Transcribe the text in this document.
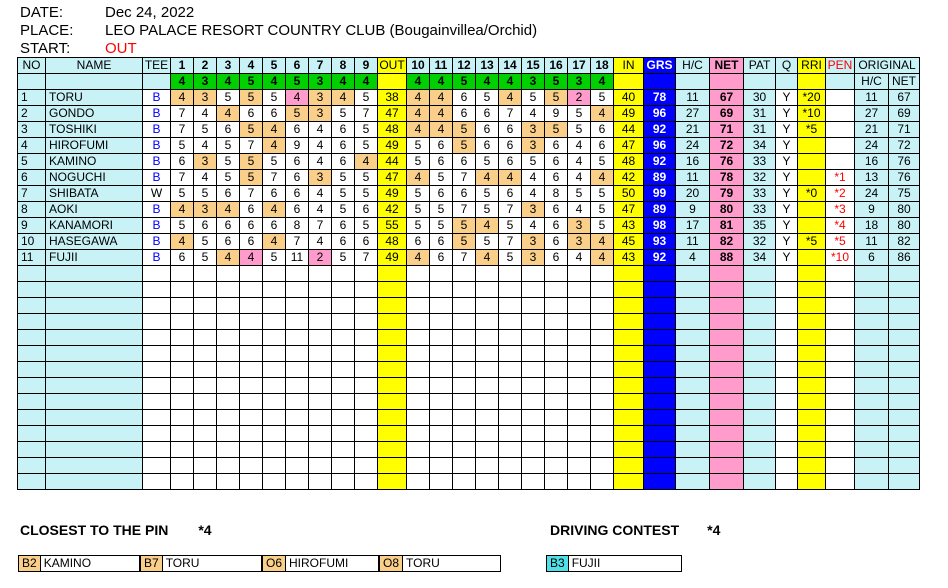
DATE:	Dec 24, 2022
PLACE: LEO PALACE RESORT COUNTRY CLUB (Bougainvillea/Orchid)
START: OUT
NO	NAME	TEE	1	2	3	4	5	6	7	8	9	OUT	10	11	12	13	14	15	16	17	18	IN	GRS	H/C	NET	PAT	Q	RRI	PEN	ORIGINAL	
			4	3	4	5	4	5	3	4	4		4	4	5	4	4	3	5	3	4									H/C	NET
1	TORU	B	4	3	5	5	5	4	3	4	5	38	4	4	6	5	4	5	5	2	5	40	78	11	67	30	Y	*20		11	67
2	GONDO	B	7	4	4	6	6	5	3	5	7	47	4	4	6	6	7	4	9	5	4	49	96	27	69	31	Y	*10		27	69
3	TOSHIKI	B	7	5	6	5	4	6	4	6	5	48	4	4	5	6	6	3	5	5	6	44	92	21	71	31	Y	*5		21	71
4	HIROFUMI	B	5	4	5	7	4	9	4	6	5	49	5	6	5	6	6	3	6	4	6	47	96	24	72	34	Y			24	72
5	KAMINO	B	6	3	5	5	5	6	4	6	4	44	5	6	6	5	6	5	6	4	5	48	92	16	76	33	Y			16	76
6	NOGUCHI	B	7	4	5	5	7	6	3	5	5	47	4	5	7	4	4	4	6	4	4	42	89	11	78	32	Y		*1	13	76
7	SHIBATA	W	5	5	6	7	6	6	4	5	5	49	5	6	6	5	6	4	8	5	5	50	99	20	79	33	Y	*0	*2	24	75
8	AOKI	B	4	3	4	6	4	6	4	5	6	42	5	5	7	5	7	3	6	4	5	47	89	9	80	33	Y		*3	9	80
9	KANAMORI	B	5	6	6	6	6	8	7	6	5	55	5	5	5	4	5	4	6	3	5	43	98	17	81	35	Y		*4	18	80
10	HASEGAWA	B	4	5	6	6	4	7	4	6	6	48	6	6	5	5	7	3	6	3	4	45	93	11	82	32	Y	*5	*5	11	82
11	FUJII	B	6	5	4	4	5	11	2	5	7	49	4	6	7	4	5	3	6	4	4	43	92	4	88	34	Y		*10	6	86

CLOSEST TO THE PIN *4	DRIVING CONTEST *4
B2 KAMINO	B7 TORU	O6 HIROFUMI	O8 TORU	B3 FUJII
